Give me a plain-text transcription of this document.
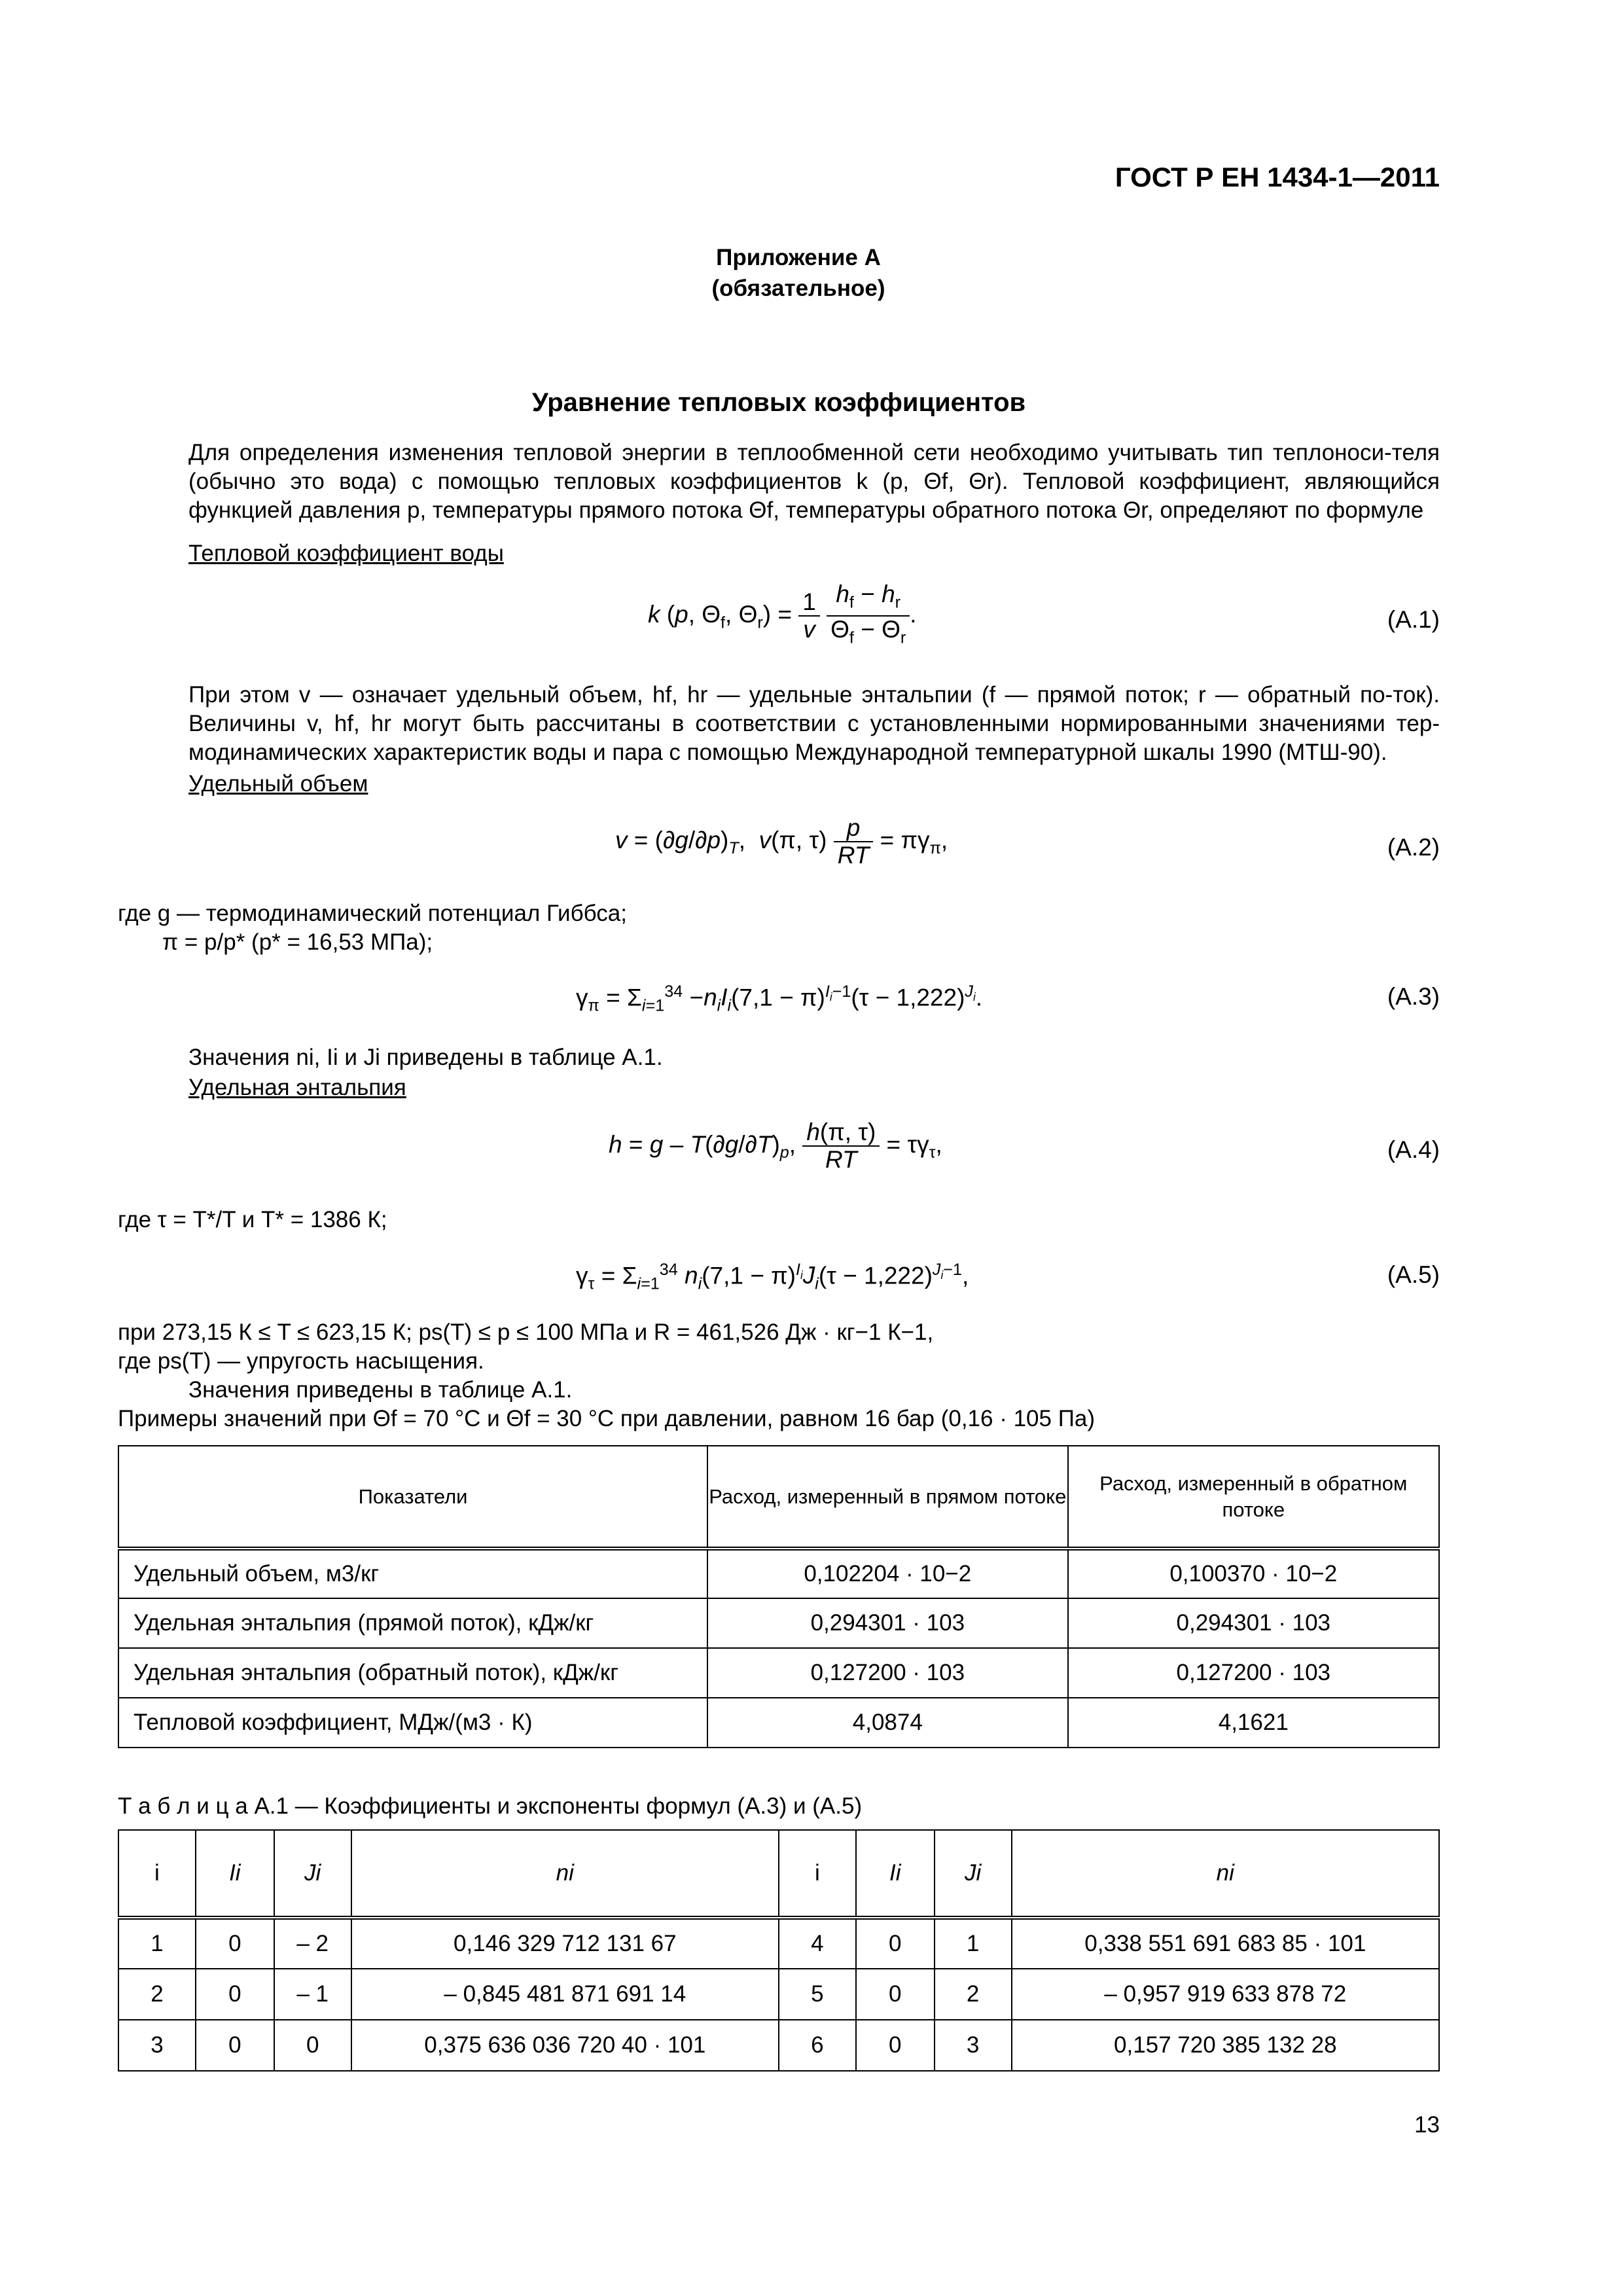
ГОСТ Р ЕН 1434-1—2011
Приложение А
(обязательное)
Уравнение тепловых коэффициентов
Для определения изменения тепловой энергии в теплообменной сети необходимо учитывать тип теплоноси-теля (обычно это вода) с помощью тепловых коэффициентов k (p, Θf, Θr). Тепловой коэффициент, являющийся функцией давления p, температуры прямого потока Θf, температуры обратного потока Θr, определяют по формуле
Тепловой коэффициент воды
k (p, $\Theta_f$, $\Theta_r) = \frac{1}{v}$
$\frac{h_f - h_r}{\Theta_f - \Theta_r}$ .	(А.1)
При этом v — означает удельный объем, hf, hr — удельные энтальпии (f — прямой поток; r — обратный по-ток). Величины v, hf, hr могут быть рассчитаны в соответствии с установленными нормированными значениями тер-модинамических характеристик воды и пара с помощью Международной температурной шкалы 1990 (МТШ-90).
Удельный объем
$v = (\partial g/\partial p)_T$,  v(π, $\tau) \frac{p}{RT} = \pi\gamma_\pi$,	(А.2)
где g — термодинамический потенциал Гиббса;
π = p/p* (p* = 16,53 МПа);
$\gamma_\pi = \Sigma_{i=1}^{34} -n_iI_i(7,1 - \pi)^{I_i-1}(\tau - 1,222)^{J_i}$.	(А.3)
Значения ni, Ii и Ji приведены в таблице А.1.
Удельная энтальпия
$h = g - T(\partial g/\partial T)_p$, $\frac{h(\pi, \tau)}{RT} = \tau\gamma_\tau$,	(А.4)
где τ = T*/T и T* = 1386 К;
$\gamma_\tau = \Sigma_{i=1}^{34}$ $n_i(7,1 - \pi)^{I_i}J_i(\tau - 1,222)^{J_i-1}$,	(А.5)
при 273,15 К ≤ T ≤ 623,15 К; ps(T) ≤ p ≤ 100 МПа и R = 461,526 Дж · кг−1 К−1,
где ps(T) — упругость насыщения.
Значения приведены в таблице А.1.
Примеры значений при Θf = 70 °С и Θf = 30 °С при давлении, равном 16 бар (0,16 · 105 Па)
Показатели	Расход, измеренный в прямом потоке	Расход, измеренный в обратном потоке
Удельный объем, м3/кг	0,102204 · 10−2	0,100370 · 10−2
Удельная энтальпия (прямой поток), кДж/кг	0,294301 · 103	0,294301 · 103
Удельная энтальпия (обратный поток), кДж/кг	0,127200 · 103	0,127200 · 103
Тепловой коэффициент, МДж/(м3 · К)	4,0874	4,1621
Т а б л и ц а А.1 — Коэффициенты и экспоненты формул (А.3) и (А.5)
i	Ii	Ji	ni	i	Ii	Ji	ni
1	0	– 2	0,146 329 712 131 67	4	0	1	0,338 551 691 683 85 · 101
2	0	– 1	– 0,845 481 871 691 14	5	0	2	– 0,957 919 633 878 72
3	0	0	0,375 636 036 720 40 · 101	6	0	3	0,157 720 385 132 28
13
